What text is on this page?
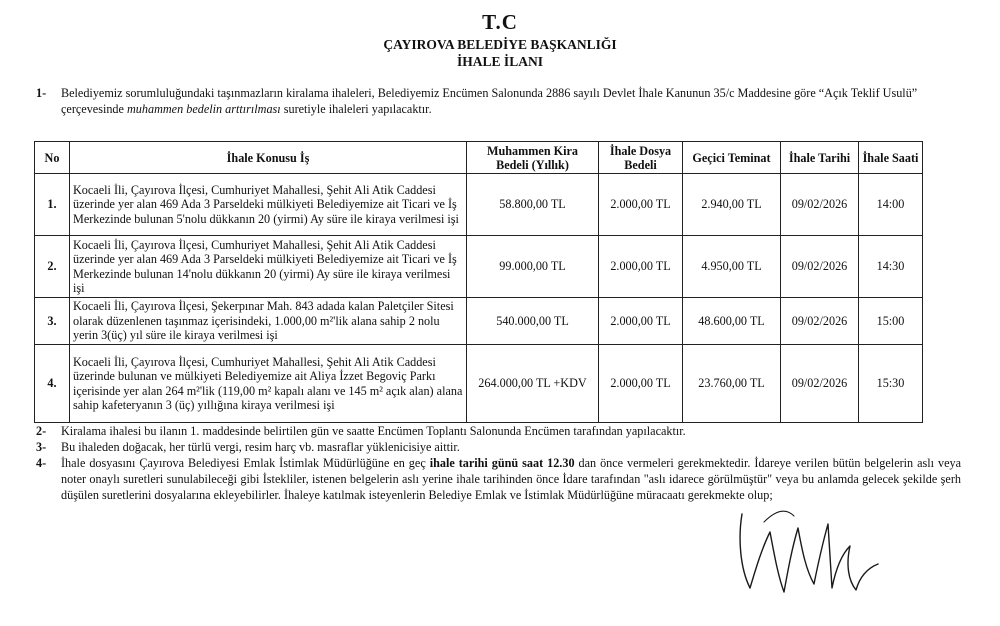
T.C
ÇAYIROVA BELEDİYE BAŞKANLIĞI
İHALE İLANI
1- Belediyemiz sorumluluğundaki taşınmazların kiralama ihaleleri, Belediyemiz Encümen Salonunda 2886 sayılı Devlet İhale Kanunun 35/c Maddesine göre “Açık Teklif Usulü” çerçevesinde muhammen bedelin arttırılması suretiyle ihaleleri yapılacaktır.
No	İhale Konusu İş	Muhammen Kira Bedeli (Yıllık)	İhale Dosya Bedeli	Geçici Teminat	İhale Tarihi	İhale Saati
1.	Kocaeli İli, Çayırova İlçesi, Cumhuriyet Mahallesi, Şehit Ali Atik Caddesi üzerinde yer alan 469 Ada 3 Parseldeki mülkiyeti Belediyemize ait Ticari ve İş Merkezinde bulunan 5'nolu dükkanın 20 (yirmi) Ay süre ile kiraya verilmesi işi	58.800,00 TL	2.000,00 TL	2.940,00 TL	09/02/2026	14:00
2.	Kocaeli İli, Çayırova İlçesi, Cumhuriyet Mahallesi, Şehit Ali Atik Caddesi üzerinde yer alan 469 Ada 3 Parseldeki mülkiyeti Belediyemize ait Ticari ve İş Merkezinde bulunan 14'nolu dükkanın 20 (yirmi) Ay süre ile kiraya verilmesi işi	99.000,00 TL	2.000,00 TL	4.950,00 TL	09/02/2026	14:30
3.	Kocaeli İli, Çayırova İlçesi, Şekerpınar Mah. 843 adada kalan Paletçiler Sitesi olarak düzenlenen taşınmaz içerisindeki, 1.000,00 m²'lik alana sahip 2 nolu yerin 3(üç) yıl süre ile kiraya verilmesi işi	540.000,00 TL	2.000,00 TL	48.600,00 TL	09/02/2026	15:00
4.	Kocaeli İli, Çayırova İlçesi, Cumhuriyet Mahallesi, Şehit Ali Atik Caddesi üzerinde bulunan ve mülkiyeti Belediyemize ait Aliya İzzet Begoviç Parkı içerisinde yer alan 264 m²'lik (119,00 m² kapalı alanı ve 145 m² açık alan) alana sahip kafeteryanın 3 (üç) yıllığına kiraya verilmesi işi	264.000,00 TL +KDV	2.000,00 TL	23.760,00 TL	09/02/2026	15:30
2- Kiralama ihalesi bu ilanın 1. maddesinde belirtilen gün ve saatte Encümen Toplantı Salonunda Encümen tarafından yapılacaktır.
3- Bu ihaleden doğacak, her türlü vergi, resim harç vb. masraflar yüklenicisiye aittir.
4- İhale dosyasını Çayırova Belediyesi Emlak İstimlak Müdürlüğüne en geç ihale tarihi günü saat 12.30 dan önce vermeleri gerekmektedir. İdareye verilen bütün belgelerin aslı veya noter onaylı suretleri sunulabileceği gibi İstekliler, istenen belgelerin aslı yerine ihale tarihinden önce İdare tarafından "aslı idarece görülmüştür" veya bu anlamda gelecek şekilde şerh düşülen suretlerini dosyalarına ekleyebilirler. İhaleye katılmak isteyenlerin Belediye Emlak ve İstimlak Müdürlüğüne müracaatı gerekmekte olup;
